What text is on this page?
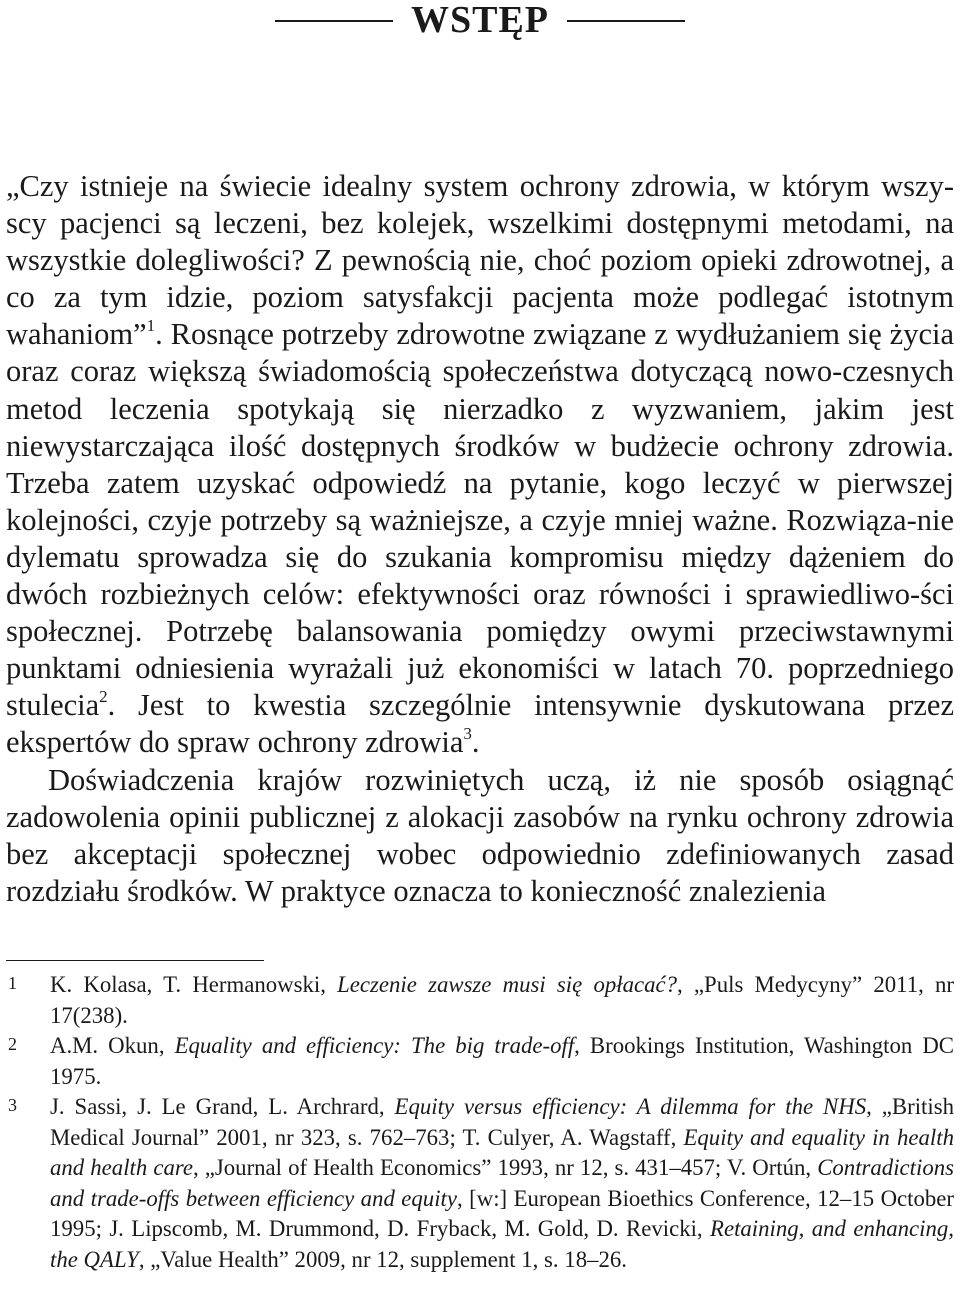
WSTĘP

„Czy istnieje na świecie idealny system ochrony zdrowia, w którym wszy-scy pacjenci są leczeni, bez kolejek, wszelkimi dostępnymi metodami, na wszystkie dolegliwości? Z pewnością nie, choć poziom opieki zdrowotnej, a co za tym idzie, poziom satysfakcji pacjenta może podlegać istotnym wahaniom”$^1$. Rosnące potrzeby zdrowotne związane z wydłużaniem się życia oraz coraz większą świadomością społeczeństwa dotyczącą nowo-czesnych metod leczenia spotykają się nierzadko z wyzwaniem, jakim jest niewystarczająca ilość dostępnych środków w budżecie ochrony zdrowia. Trzeba zatem uzyskać odpowiedź na pytanie, kogo leczyć w pierwszej kolejności, czyje potrzeby są ważniejsze, a czyje mniej ważne. Rozwiąza-nie dylematu sprowadza się do szukania kompromisu między dążeniem do dwóch rozbieżnych celów: efektywności oraz równości i sprawiedliwo-ści społecznej. Potrzebę balansowania pomiędzy owymi przeciwstawnymi punktami odniesienia wyrażali już ekonomiści w latach 70. poprzedniego stulecia$^2$. Jest to kwestia szczególnie intensywnie dyskutowana przez ekspertów do spraw ochrony zdrowia$^3$.

Doświadczenia krajów rozwiniętych uczą, iż nie sposób osiągnąć zadowolenia opinii publicznej z alokacji zasobów na rynku ochrony zdrowia bez akceptacji społecznej wobec odpowiednio zdefiniowanych zasad rozdziału środków. W praktyce oznacza to konieczność znalezienia

1	K. Kolasa, T. Hermanowski, Leczenie zawsze musi się opłacać?, „Puls Medycyny” 2011, nr 17(238).
2	A.M. Okun, Equality and efficiency: The big trade-off, Brookings Institution, Washington DC 1975.
3	J. Sassi, J. Le Grand, L. Archrard, Equity versus efficiency: A dilemma for the NHS, „British Medical Journal” 2001, nr 323, s. 762–763; T. Culyer, A. Wagstaff, Equity and equality in health and health care, „Journal of Health Economics” 1993, nr 12, s. 431–457; V. Ortún, Contradictions and trade-offs between efficiency and equity, [w:] European Bioethics Conference, 12–15 October 1995; J. Lipscomb, M. Drummond, D. Fryback, M. Gold, D. Revicki, Retaining, and enhancing, the QALY, „Value Health” 2009, nr 12, supplement 1, s. 18–26.
